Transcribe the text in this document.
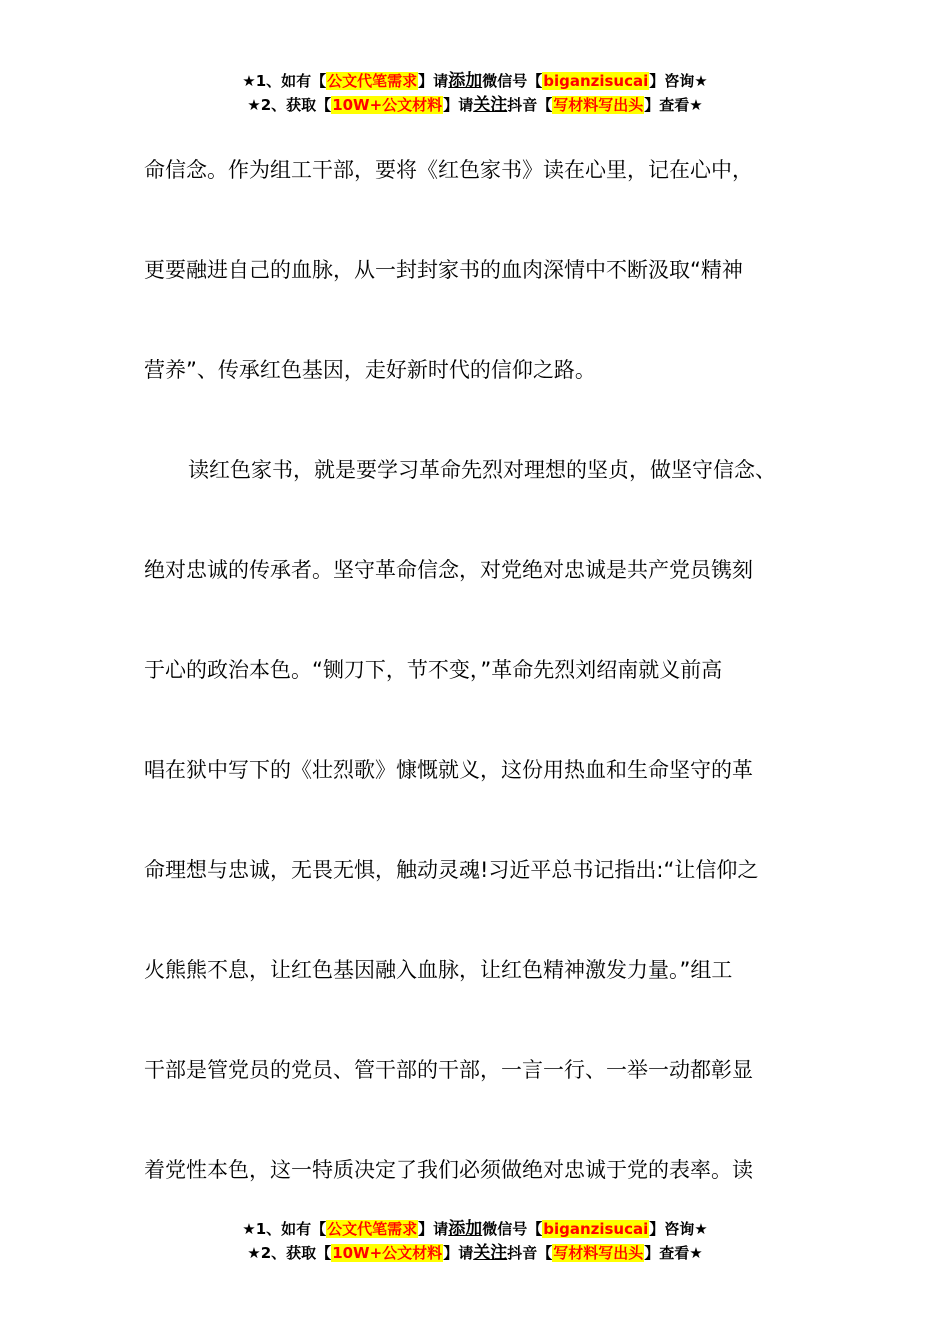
★1、如有【公文代笔需求】请添加微信号【biganzisucai】咨询★
★2、获取【10W+公文材料】请关注抖音【写材料写出头】查看★

命信念。作为组工干部，要将《红色家书》读在心里，记在心中，
更要融进自己的血脉，从一封封家书的血肉深情中不断汲取“精神
营养”、传承红色基因，走好新时代的信仰之路。

读红色家书，就是要学习革命先烈对理想的坚贞，做坚守信念、
绝对忠诚的传承者。坚守革命信念，对党绝对忠诚是共产党员镌刻
于心的政治本色。“铡刀下，节不变，”革命先烈刘绍南就义前高
唱在狱中写下的《壮烈歌》慷慨就义，这份用热血和生命坚守的革
命理想与忠诚，无畏无惧，触动灵魂!习近平总书记指出:“让信仰之
火熊熊不息，让红色基因融入血脉，让红色精神激发力量。”组工
干部是管党员的党员、管干部的干部，一言一行、一举一动都彰显
着党性本色，这一特质决定了我们必须做绝对忠诚于党的表率。读

★1、如有【公文代笔需求】请添加微信号【biganzisucai】咨询★
★2、获取【10W+公文材料】请关注抖音【写材料写出头】查看★
